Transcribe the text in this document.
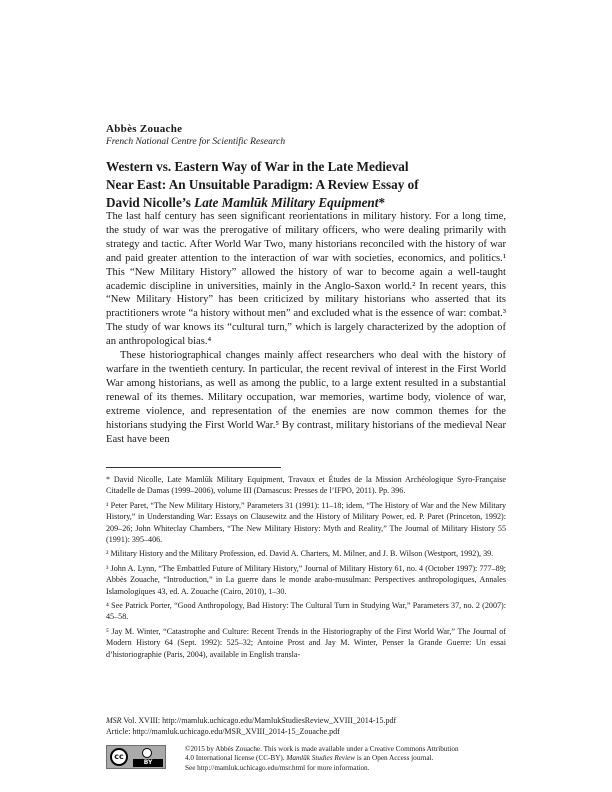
Abbès Zouache
French National Centre for Scientific Research
Western vs. Eastern Way of War in the Late Medieval
Near East: An Unsuitable Paradigm: A Review Essay of
David Nicolle’s Late Mamlūk Military Equipment*

The last half century has seen significant reorientations in military history. For a long time, the study of war was the prerogative of military officers, who were dealing primarily with strategy and tactic. After World War Two, many historians reconciled with the history of war and paid greater attention to the interaction of war with societies, economics, and politics.¹ This “New Military History” allowed the history of war to become again a well-taught academic discipline in universities, mainly in the Anglo-Saxon world.² In recent years, this “New Military History” has been criticized by military historians who asserted that its practitioners wrote “a history without men” and excluded what is the essence of war: combat.³ The study of war knows its “cultural turn,” which is largely characterized by the adoption of an anthropological bias.⁴

These historiographical changes mainly affect researchers who deal with the history of warfare in the twentieth century. In particular, the recent revival of interest in the First World War among historians, as well as among the public, to a large extent resulted in a substantial renewal of its themes. Military occupation, war memories, wartime body, violence of war, extreme violence, and representation of the enemies are now common themes for the historians studying the First World War.⁵ By contrast, military historians of the medieval Near East have been

* David Nicolle, Late Mamlūk Military Equipment, Travaux et Études de la Mission Archéologique Syro-Française Citadelle de Damas (1999–2006), volume III (Damascus: Presses de l’IFPO, 2011). Pp. 396.

¹ Peter Paret, “The New Military History,” Parameters 31 (1991): 11–18; idem, “The History of War and the New Military History,” in Understanding War: Essays on Clausewitz and the History of Military Power, ed. P. Paret (Princeton, 1992): 209–26; John Whiteclay Chambers, “The New Military History: Myth and Reality,” The Journal of Military History 55 (1991): 395–406.

² Military History and the Military Profession, ed. David A. Charters, M. Milner, and J. B. Wilson (Westport, 1992), 39.

³ John A. Lynn, “The Embattled Future of Military History,” Journal of Military History 61, no. 4 (October 1997): 777–89; Abbès Zouache, “Introduction,” in La guerre dans le monde arabo-musulman: Perspectives anthropologiques, Annales Islamologiques 43, ed. A. Zouache (Cairo, 2010), 1–30.

⁴ See Patrick Porter, “Good Anthropology, Bad History: The Cultural Turn in Studying War,” Parameters 37, no. 2 (2007): 45–58.

⁵ Jay M. Winter, “Catastrophe and Culture: Recent Trends in the Historiography of the First World War,” The Journal of Modern History 64 (Sept. 1992): 525–32; Antoine Prost and Jay M. Winter, Penser la Grande Guerre: Un essai d’historiographie (Paris, 2004), available in English transla-

MSR Vol. XVIII: http://mamluk.uchicago.edu/MamlukStudiesReview_XVIII_2014-15.pdf
Article: http://mamluk.uchicago.edu/MSR_XVIII_2014-15_Zouache.pdf
cc
BY
©2015 by Abbès Zouache. This work is made available under a Creative Commons Attribution
4.0 International license (CC-BY). Mamlūk Studies Review is an Open Access journal.
See http://mamluk.uchicago.edu/msr.html for more information.
